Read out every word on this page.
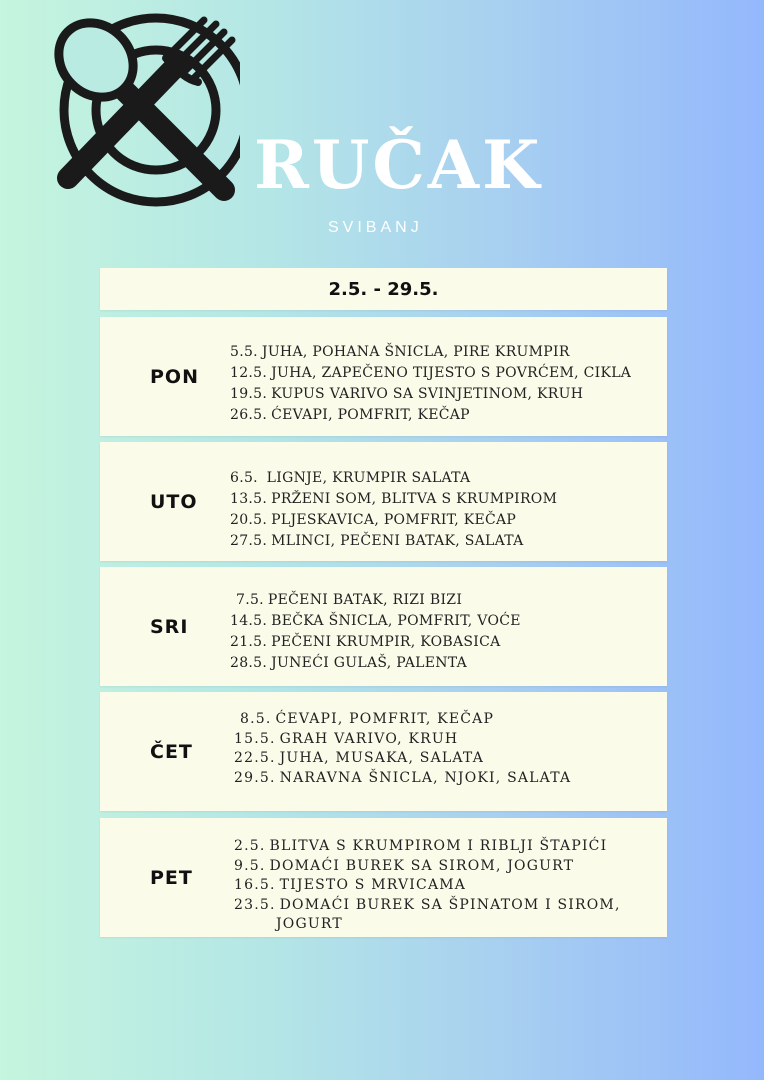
RUČAK
SVIBANJ
2.5. - 29.5.
PON
5.5. JUHA, POHANA ŠNICLA, PIRE KRUMPIR
12.5. JUHA, ZAPEČENO TIJESTO S POVRĆEM, CIKLA
19.5. KUPUS VARIVO SA SVINJETINOM, KRUH
26.5. ĆEVAPI, POMFRIT, KEČAP
UTO
6.5. LIGNJE, KRUMPIR SALATA
13.5. PRŽENI SOM, BLITVA S KRUMPIROM
20.5. PLJESKAVICA, POMFRIT, KEČAP
27.5. MLINCI, PEČENI BATAK, SALATA
SRI
7.5. PEČENI BATAK, RIZI BIZI
14.5. BEČKA ŠNICLA, POMFRIT, VOĆE
21.5. PEČENI KRUMPIR, KOBASICA
28.5. JUNEĆI GULAŠ, PALENTA
ČET
8.5. ĆEVAPI, POMFRIT, KEČAP
15.5. GRAH VARIVO, KRUH
22.5. JUHA, MUSAKA, SALATA
29.5. NARAVNA ŠNICLA, NJOKI, SALATA
PET
2.5. BLITVA S KRUMPIROM I RIBLJI ŠTAPIĆI
9.5. DOMAĆI BUREK SA SIROM, JOGURT
16.5. TIJESTO S MRVICAMA
23.5. DOMAĆI BUREK SA ŠPINATOM I SIROM,
JOGURT
